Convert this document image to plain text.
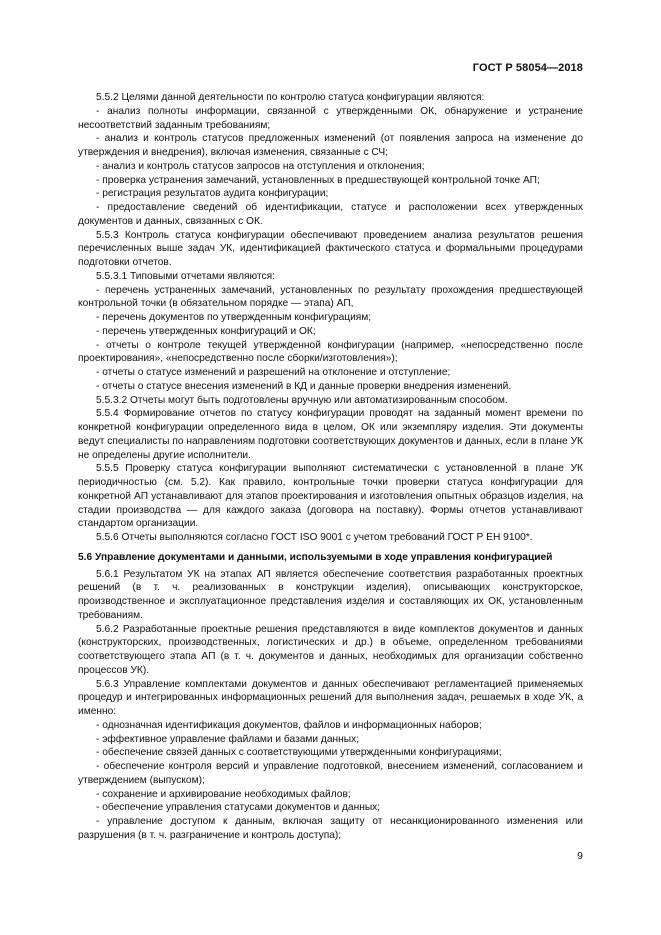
ГОСТ Р 58054—2018

5.5.2 Целями данной деятельности по контролю статуса конфигурации являются:

- анализ полноты информации, связанной с утвержденными ОК, обнаружение и устранение несоответствий заданным требованиям;

- анализ и контроль статусов предложенных изменений (от появления запроса на изменение до утверждения и внедрения), включая изменения, связанные с СЧ;

- анализ и контроль статусов запросов на отступления и отклонения;

- проверка устранения замечаний, установленных в предшествующей контрольной точке АП;

- регистрация результатов аудита конфигурации;

- предоставление сведений об идентификации, статусе и расположении всех утвержденных документов и данных, связанных с ОК.

5.5.3 Контроль статуса конфигурации обеспечивают проведением анализа результатов решения перечисленных выше задач УК, идентификацией фактического статуса и формальными процедурами подготовки отчетов.

5.5.3.1 Типовыми отчетами являются:

- перечень устраненных замечаний, установленных по результату прохождения предшествующей контрольной точки (в обязательном порядке — этапа) АП,

- перечень документов по утвержденным конфигурациям;

- перечень утвержденных конфигураций и ОК;

- отчеты о контроле текущей утвержденной конфигурации (например, «непосредственно после проектирования», «непосредственно после сборки/изготовления»);

- отчеты о статусе изменений и разрешений на отклонение и отступление;

- отчеты о статусе внесения изменений в КД и данные проверки внедрения изменений.

5.5.3.2 Отчеты могут быть подготовлены вручную или автоматизированным способом.

5.5.4 Формирование отчетов по статусу конфигурации проводят на заданный момент времени по конкретной конфигурации определенного вида в целом, ОК или экземпляру изделия. Эти документы ведут специалисты по направлениям подготовки соответствующих документов и данных, если в плане УК не определены другие исполнители.

5.5.5 Проверку статуса конфигурации выполняют систематически с установленной в плане УК периодичностью (см. 5.2). Как правило, контрольные точки проверки статуса конфигурации для конкретной АП устанавливают для этапов проектирования и изготовления опытных образцов изделия, на стадии производства — для каждого заказа (договора на поставку). Формы отчетов устанавливают стандартом организации.

5.5.6 Отчеты выполняются согласно ГОСТ ISO 9001 с учетом требований ГОСТ Р ЕН 9100*.

5.6 Управление документами и данными, используемыми в ходе управления конфигурацией

5.6.1 Результатом УК на этапах АП является обеспечение соответствия разработанных проектных решений (в т. ч. реализованных в конструкции изделия), описывающих конструкторское, производственное и эксплуатационное представления изделия и составляющих их ОК, установленным требованиям.

5.6.2 Разработанные проектные решения представляются в виде комплектов документов и данных (конструкторских, производственных, логистических и др.) в объеме, определенном требованиями соответствующего этапа АП (в т. ч. документов и данных, необходимых для организации собственно процессов УК).

5.6.3 Управление комплектами документов и данных обеспечивают регламентацией применяемых процедур и интегрированных информационных решений для выполнения задач, решаемых в ходе УК, а именно:

- однозначная идентификация документов, файлов и информационных наборов;

- эффективное управление файлами и базами данных;

- обеспечение связей данных с соответствующими утвержденными конфигурациями;

- обеспечение контроля версий и управление подготовкой, внесением изменений, согласованием и утверждением (выпуском);

- сохранение и архивирование необходимых файлов;

- обеспечение управления статусами документов и данных;

- управление доступом к данным, включая защиту от несанкционированного изменения или разрушения (в т. ч. разграничение и контроль доступа);

9
